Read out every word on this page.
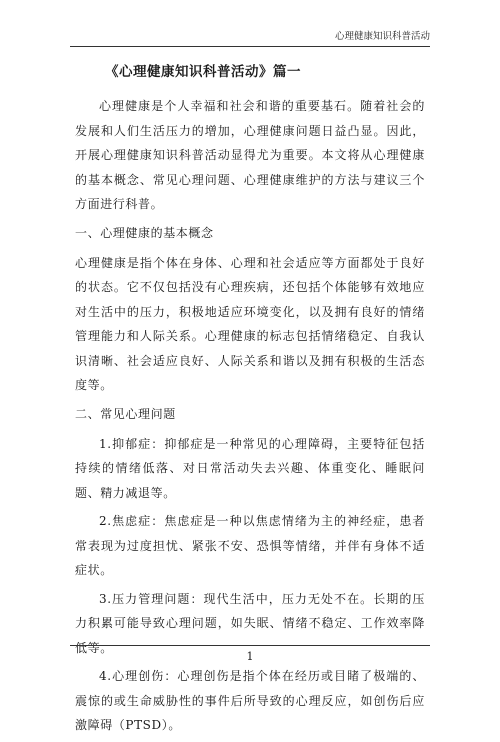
心理健康知识科普活动
《心理健康知识科普活动》篇一

心理健康是个人幸福和社会和谐的重要基石。随着社会的发展和人们生活压力的增加，心理健康问题日益凸显。因此，开展心理健康知识科普活动显得尤为重要。本文将从心理健康的基本概念、常见心理问题、心理健康维护的方法与建议三个方面进行科普。

一、心理健康的基本概念

心理健康是指个体在身体、心理和社会适应等方面都处于良好的状态。它不仅包括没有心理疾病，还包括个体能够有效地应对生活中的压力，积极地适应环境变化，以及拥有良好的情绪管理能力和人际关系。心理健康的标志包括情绪稳定、自我认识清晰、社会适应良好、人际关系和谐以及拥有积极的生活态度等。

二、常见心理问题

1.抑郁症：抑郁症是一种常见的心理障碍，主要特征包括持续的情绪低落、对日常活动失去兴趣、体重变化、睡眠问题、精力减退等。

2.焦虑症：焦虑症是一种以焦虑情绪为主的神经症，患者常表现为过度担忧、紧张不安、恐惧等情绪，并伴有身体不适症状。

3.压力管理问题：现代生活中，压力无处不在。长期的压力积累可能导致心理问题，如失眠、情绪不稳定、工作效率降低等。

4.心理创伤：心理创伤是指个体在经历或目睹了极端的、震惊的或生命威胁性的事件后所导致的心理反应，如创伤后应激障碍（PTSD）。

1
